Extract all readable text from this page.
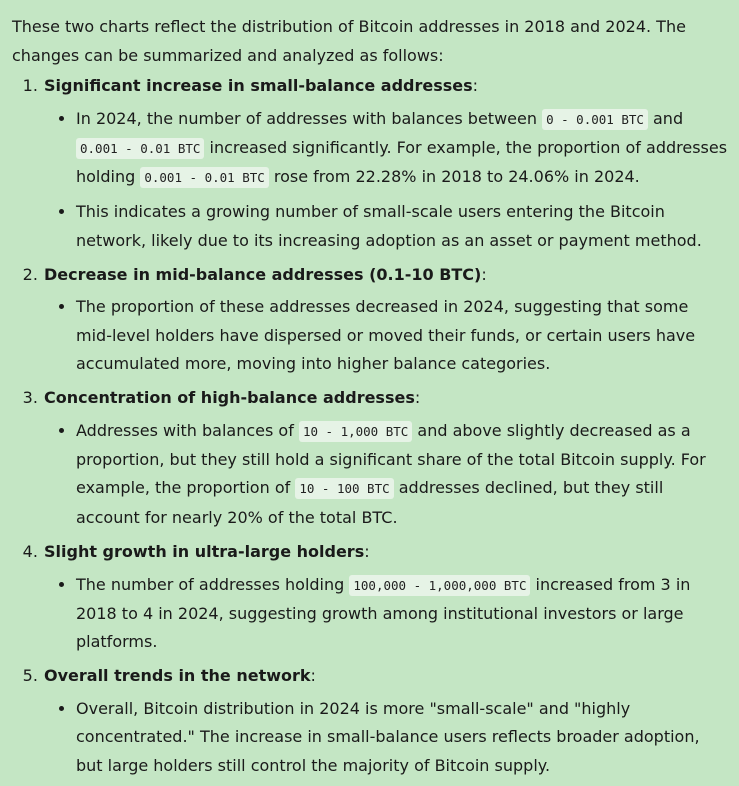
These two charts reflect the distribution of Bitcoin addresses in 2018 and 2024. The changes can be summarized and analyzed as follows:

1. Significant increase in small-balance addresses:
• In 2024, the number of addresses with balances between 0 - 0.001 BTC and 0.001 - 0.01 BTC increased significantly. For example, the proportion of addresses holding 0.001 - 0.01 BTC rose from 22.28% in 2018 to 24.06% in 2024.
• This indicates a growing number of small-scale users entering the Bitcoin network, likely due to its increasing adoption as an asset or payment method.
2. Decrease in mid-balance addresses (0.1-10 BTC):
• The proportion of these addresses decreased in 2024, suggesting that some mid-level holders have dispersed or moved their funds, or certain users have accumulated more, moving into higher balance categories.
3. Concentration of high-balance addresses:
• Addresses with balances of 10 - 1,000 BTC and above slightly decreased as a proportion, but they still hold a significant share of the total Bitcoin supply. For example, the proportion of 10 - 100 BTC addresses declined, but they still account for nearly 20% of the total BTC.
4. Slight growth in ultra-large holders:
• The number of addresses holding 100,000 - 1,000,000 BTC increased from 3 in 2018 to 4 in 2024, suggesting growth among institutional investors or large platforms.
5. Overall trends in the network:
• Overall, Bitcoin distribution in 2024 is more "small-scale" and "highly concentrated." The increase in small-balance users reflects broader adoption, but large holders still control the majority of Bitcoin supply.
